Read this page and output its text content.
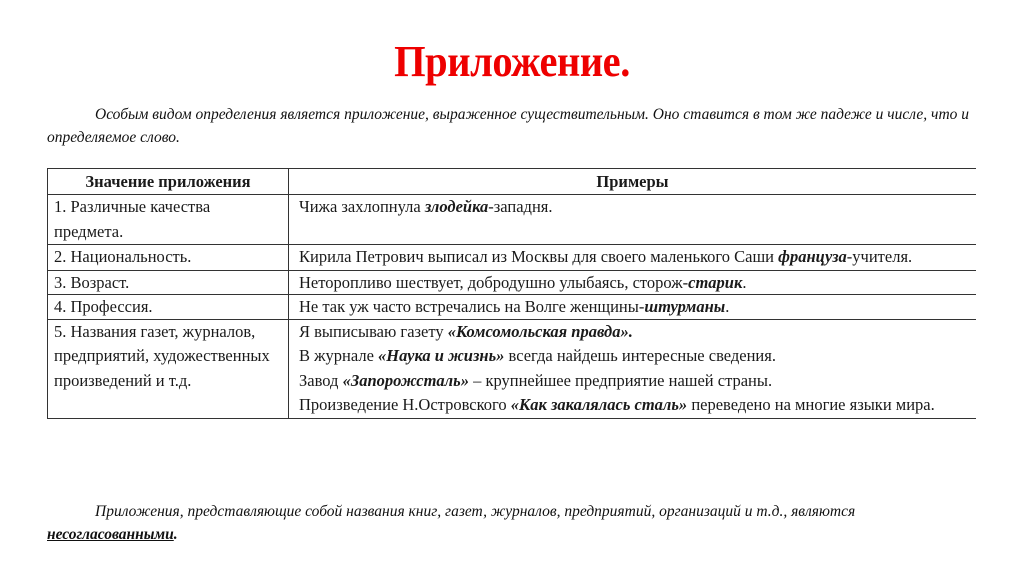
Приложение.
Особым видом определения является приложение, выраженное существительным. Оно ставится в том же падеже и числе, что и определяемое слово.
Значение приложения	Примеры
1. Различные качества предмета.	Чижа захлопнула злодейка-западня.

2. Национальность.	Кирила Петрович выписал из Москвы для своего маленького Саши француза-учителя.

3. Возраст.	Неторопливо шествует, добродушно улыбаясь, сторож-старик.

4. Профессия.	Не так уж часто встречались на Волге женщины-штурманы.

5. Названия газет, журналов, предприятий, художественных произведений и т.д.	Я выписываю газету «Комсомольская правда».
В журнале «Наука и жизнь» всегда найдешь интересные сведения.
Завод «Запорожсталь» – крупнейшее предприятие нашей страны.
Произведение Н.Островского «Как закалялась сталь» переведено на многие языки мира.
Приложения, представляющие собой названия книг, газет, журналов, предприятий, организаций и т.д., являются несогласованными.
